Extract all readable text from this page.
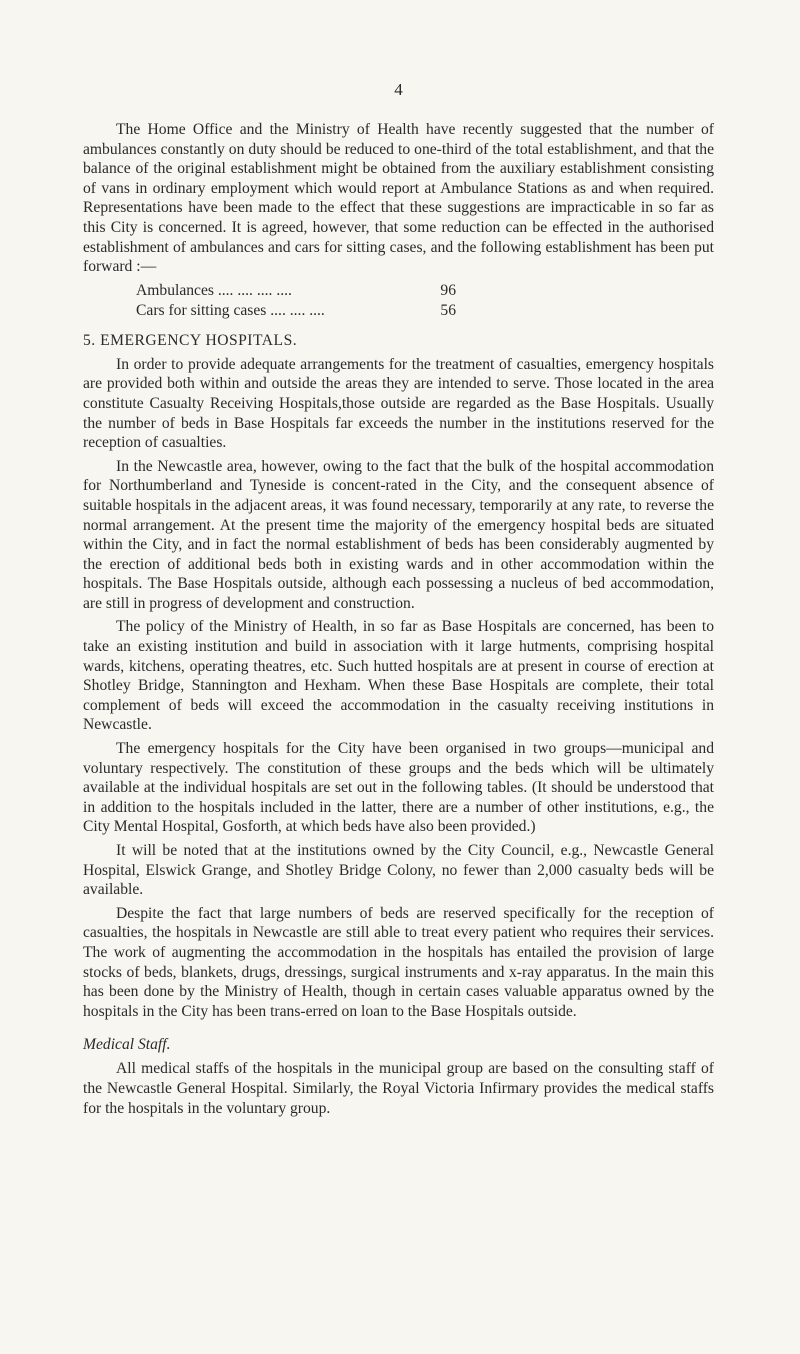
4

The Home Office and the Ministry of Health have recently suggested that the number of ambulances constantly on duty should be reduced to one-third of the total establishment, and that the balance of the original establishment might be obtained from the auxiliary establishment consisting of vans in ordinary employment which would report at Ambulance Stations as and when required. Representations have been made to the effect that these suggestions are impracticable in so far as this City is concerned. It is agreed, however, that some reduction can be effected in the authorised establishment of ambulances and cars for sitting cases, and the following establishment has been put forward :—

Ambulances .... .... .... ....	96
Cars for sitting cases .... .... ....	56
5. EMERGENCY HOSPITALS.

In order to provide adequate arrangements for the treatment of casualties, emergency hospitals are provided both within and outside the areas they are intended to serve. Those located in the area constitute Casualty Receiving Hospitals,those outside are regarded as the Base Hospitals. Usually the number of beds in Base Hospitals far exceeds the number in the institutions reserved for the reception of casualties.

In the Newcastle area, however, owing to the fact that the bulk of the hospital accommodation for Northumberland and Tyneside is concent-rated in the City, and the consequent absence of suitable hospitals in the adjacent areas, it was found necessary, temporarily at any rate, to reverse the normal arrangement. At the present time the majority of the emergency hospital beds are situated within the City, and in fact the normal establishment of beds has been considerably augmented by the erection of additional beds both in existing wards and in other accommodation within the hospitals. The Base Hospitals outside, although each possessing a nucleus of bed accommodation, are still in progress of development and construction.

The policy of the Ministry of Health, in so far as Base Hospitals are concerned, has been to take an existing institution and build in association with it large hutments, comprising hospital wards, kitchens, operating theatres, etc. Such hutted hospitals are at present in course of erection at Shotley Bridge, Stannington and Hexham. When these Base Hospitals are complete, their total complement of beds will exceed the accommodation in the casualty receiving institutions in Newcastle.

The emergency hospitals for the City have been organised in two groups—municipal and voluntary respectively. The constitution of these groups and the beds which will be ultimately available at the individual hospitals are set out in the following tables. (It should be understood that in addition to the hospitals included in the latter, there are a number of other institutions, e.g., the City Mental Hospital, Gosforth, at which beds have also been provided.)

It will be noted that at the institutions owned by the City Council, e.g., Newcastle General Hospital, Elswick Grange, and Shotley Bridge Colony, no fewer than 2,000 casualty beds will be available.

Despite the fact that large numbers of beds are reserved specifically for the reception of casualties, the hospitals in Newcastle are still able to treat every patient who requires their services. The work of augmenting the accommodation in the hospitals has entailed the provision of large stocks of beds, blankets, drugs, dressings, surgical instruments and x-ray apparatus. In the main this has been done by the Ministry of Health, though in certain cases valuable apparatus owned by the hospitals in the City has been trans-erred on loan to the Base Hospitals outside.

Medical Staff.

All medical staffs of the hospitals in the municipal group are based on the consulting staff of the Newcastle General Hospital. Similarly, the Royal Victoria Infirmary provides the medical staffs for the hospitals in the voluntary group.
